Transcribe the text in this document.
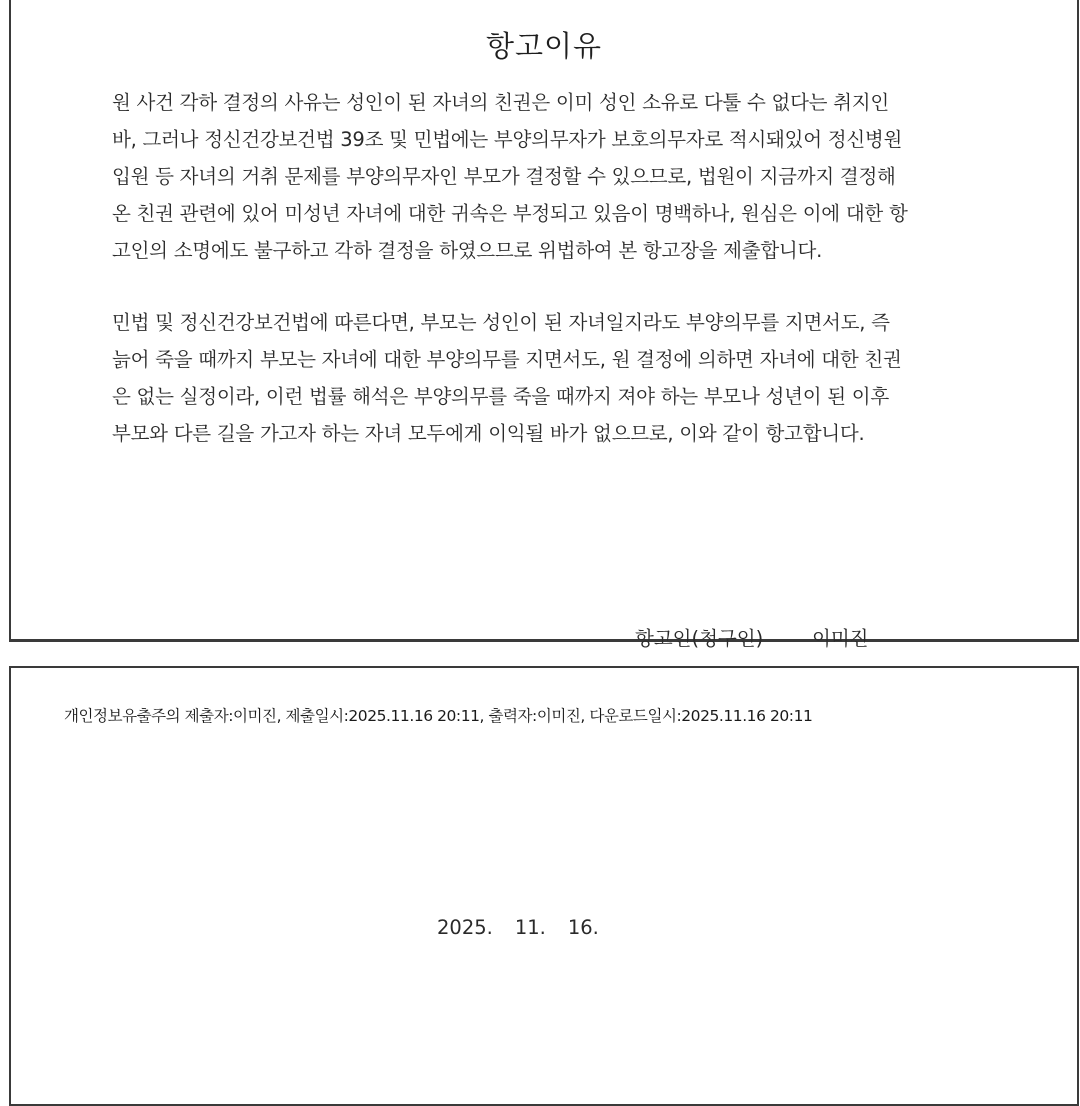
항고이유
원 사건 각하 결정의 사유는 성인이 된 자녀의 친권은 이미 성인 소유로 다툴 수 없다는 취지인
바, 그러나 정신건강보건법 39조 및 민법에는 부양의무자가 보호의무자로 적시돼있어 정신병원
입원 등 자녀의 거취 문제를 부양의무자인 부모가 결정할 수 있으므로, 법원이 지금까지 결정해
온 친권 관련에 있어 미성년 자녀에 대한 귀속은 부정되고 있음이 명백하나, 원심은 이에 대한 항
고인의 소명에도 불구하고 각하 결정을 하였으므로 위법하여 본 항고장을 제출합니다.
민법 및 정신건강보건법에 따른다면, 부모는 성인이 된 자녀일지라도 부양의무를 지면서도, 즉
늙어 죽을 때까지 부모는 자녀에 대한 부양의무를 지면서도, 원 결정에 의하면 자녀에 대한 친권
은 없는 실정이라, 이런 법률 해석은 부양의무를 죽을 때까지 져야 하는 부모나 성년이 된 이후
부모와 다른 길을 가고자 하는 자녀 모두에게 이익될 바가 없으므로, 이와 같이 항고합니다.
개인정보유출주의 제출자:이미진, 제출일시:2025.11.16 20:11, 출력자:이미진, 다운로드일시:2025.11.16 20:11
2025. 11. 16.
항고인(청구인)	이미진
